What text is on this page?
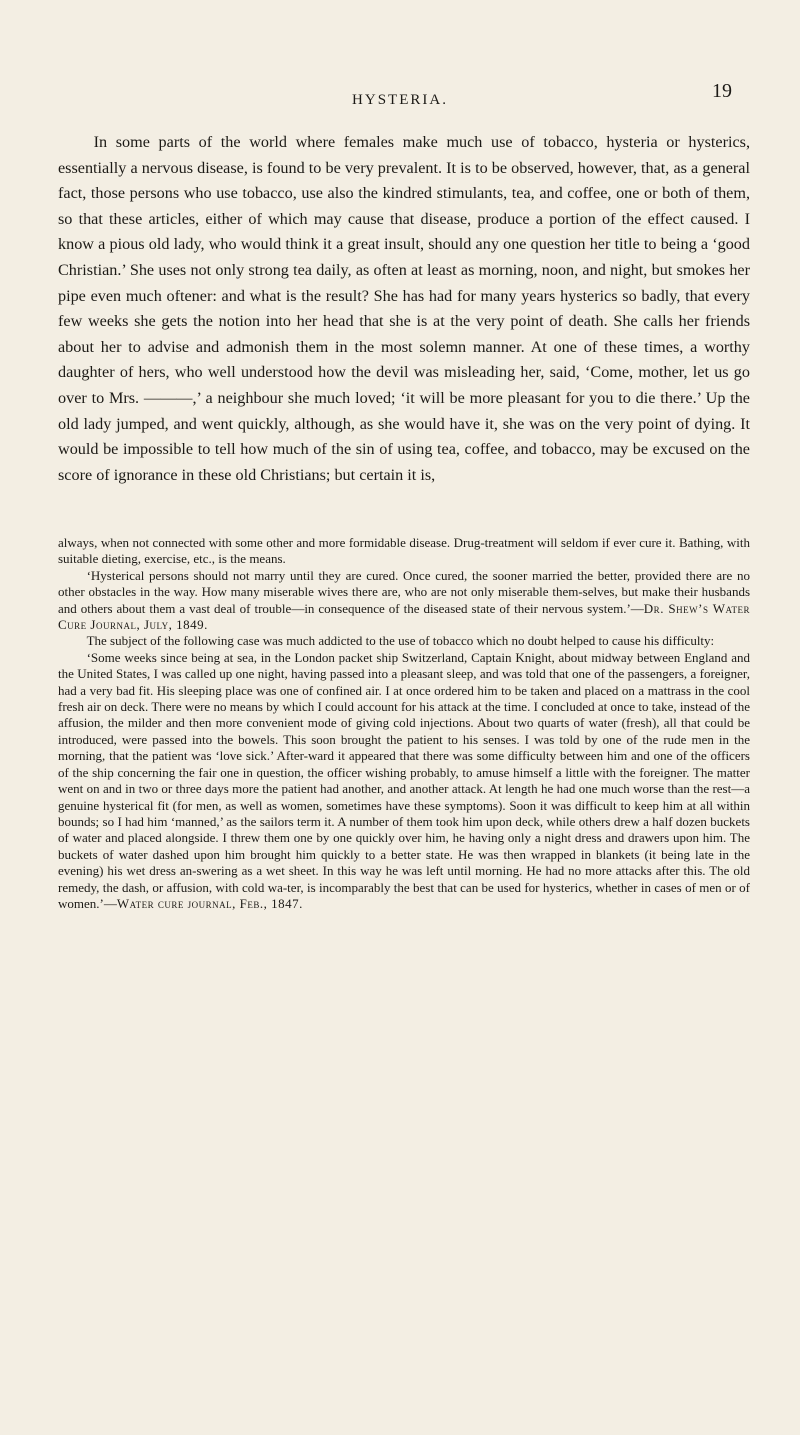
HYSTERIA.	19

In some parts of the world where females make much use of tobacco, hysteria or hysterics, essentially a nervous disease, is found to be very prevalent. It is to be observed, however, that, as a general fact, those persons who use tobacco, use also the kindred stimulants, tea, and coffee, one or both of them, so that these articles, either of which may cause that disease, produce a portion of the effect caused. I know a pious old lady, who would think it a great insult, should any one question her title to being a ‘good Christian.’ She uses not only strong tea daily, as often at least as morning, noon, and night, but smokes her pipe even much oftener: and what is the result? She has had for many years hysterics so badly, that every few weeks she gets the notion into her head that she is at the very point of death. She calls her friends about her to advise and admonish them in the most solemn manner. At one of these times, a worthy daughter of hers, who well understood how the devil was misleading her, said, ‘Come, mother, let us go over to Mrs. ———,’ a neighbour she much loved; ‘it will be more pleasant for you to die there.’ Up the old lady jumped, and went quickly, although, as she would have it, she was on the very point of dying. It would be impossible to tell how much of the sin of using tea, coffee, and tobacco, may be excused on the score of ignorance in these old Christians; but certain it is,

always, when not connected with some other and more formidable disease. Drug-treatment will seldom if ever cure it. Bathing, with suitable dieting, exercise, etc., is the means.

‘Hysterical persons should not marry until they are cured. Once cured, the sooner married the better, provided there are no other obstacles in the way. How many miserable wives there are, who are not only miserable them-selves, but make their husbands and others about them a vast deal of trouble—in consequence of the diseased state of their nervous system.’—Dr. Shew’s Water Cure Journal, July, 1849.

The subject of the following case was much addicted to the use of tobacco which no doubt helped to cause his difficulty:

‘Some weeks since being at sea, in the London packet ship Switzerland, Captain Knight, about midway between England and the United States, I was called up one night, having passed into a pleasant sleep, and was told that one of the passengers, a foreigner, had a very bad fit. His sleeping place was one of confined air. I at once ordered him to be taken and placed on a mattrass in the cool fresh air on deck. There were no means by which I could account for his attack at the time. I concluded at once to take, instead of the affusion, the milder and then more convenient mode of giving cold injections. About two quarts of water (fresh), all that could be introduced, were passed into the bowels. This soon brought the patient to his senses. I was told by one of the rude men in the morning, that the patient was ‘love sick.’ After-ward it appeared that there was some difficulty between him and one of the officers of the ship concerning the fair one in question, the officer wishing probably, to amuse himself a little with the foreigner. The matter went on and in two or three days more the patient had another, and another attack. At length he had one much worse than the rest—a genuine hysterical fit (for men, as well as women, sometimes have these symptoms). Soon it was difficult to keep him at all within bounds; so I had him ‘manned,’ as the sailors term it. A number of them took him upon deck, while others drew a half dozen buckets of water and placed alongside. I threw them one by one quickly over him, he having only a night dress and drawers upon him. The buckets of water dashed upon him brought him quickly to a better state. He was then wrapped in blankets (it being late in the evening) his wet dress an-swering as a wet sheet. In this way he was left until morning. He had no more attacks after this. The old remedy, the dash, or affusion, with cold wa-ter, is incomparably the best that can be used for hysterics, whether in cases of men or of women.’—Water cure journal, Feb., 1847.
